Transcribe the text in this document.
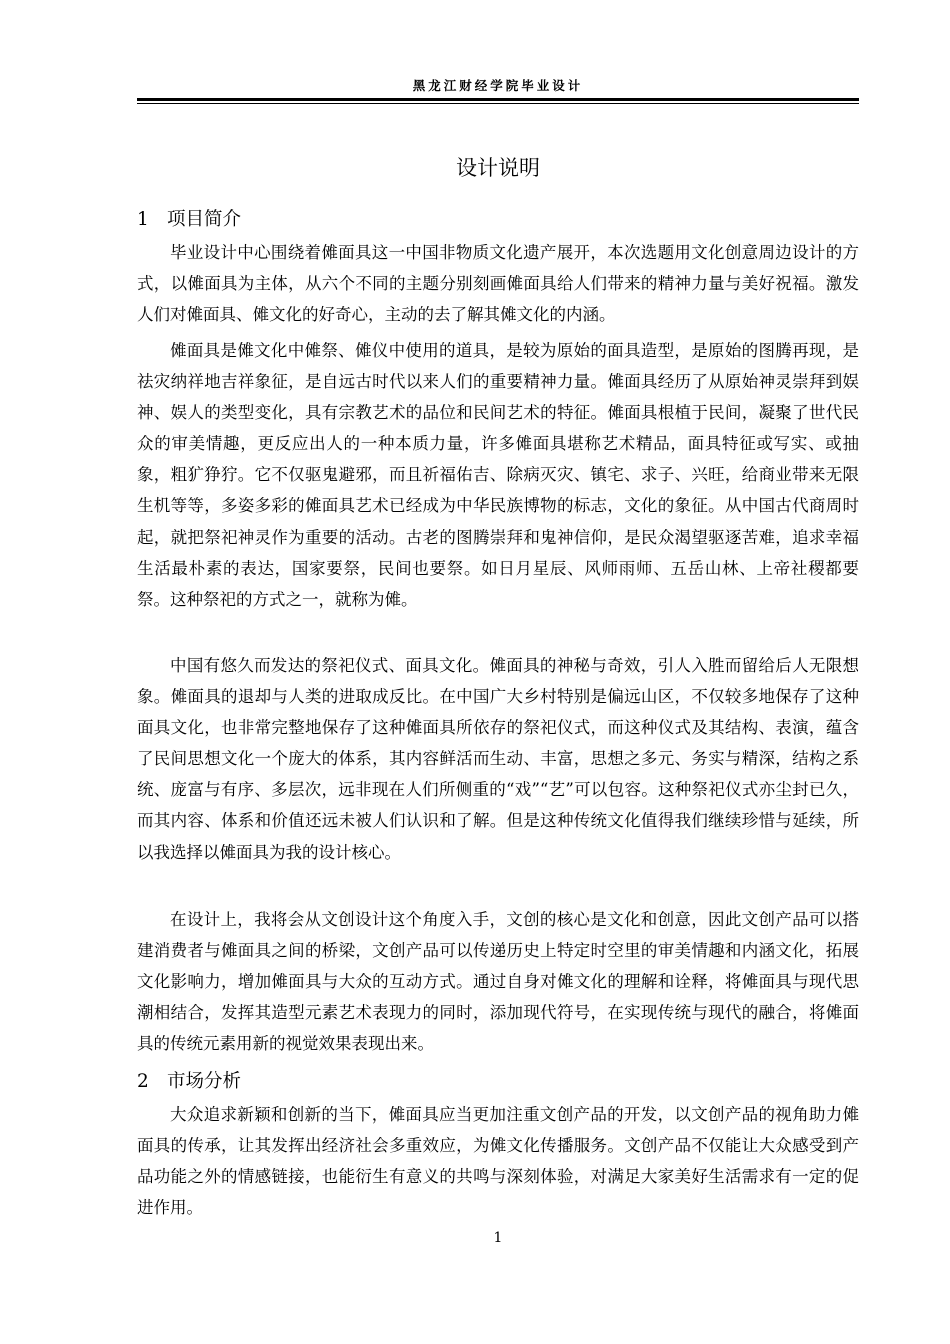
黑龙江财经学院毕业设计
设计说明
1 项目简介

毕业设计中心围绕着傩面具这一中国非物质文化遗产展开，本次选题用文化创意周边设计的方式，以傩面具为主体，从六个不同的主题分别刻画傩面具给人们带来的精神力量与美好祝福。激发人们对傩面具、傩文化的好奇心，主动的去了解其傩文化的内涵。

傩面具是傩文化中傩祭、傩仪中使用的道具，是较为原始的面具造型，是原始的图腾再现，是祛灾纳祥地吉祥象征，是自远古时代以来人们的重要精神力量。傩面具经历了从原始神灵崇拜到娱神、娱人的类型变化，具有宗教艺术的品位和民间艺术的特征。傩面具根植于民间，凝聚了世代民众的审美情趣，更反应出人的一种本质力量，许多傩面具堪称艺术精品，面具特征或写实、或抽象，粗犷狰狞。它不仅驱鬼避邪，而且祈福佑吉、除病灭灾、镇宅、求子、兴旺，给商业带来无限生机等等，多姿多彩的傩面具艺术已经成为中华民族博物的标志，文化的象征。从中国古代商周时起，就把祭祀神灵作为重要的活动。古老的图腾崇拜和鬼神信仰，是民众渴望驱逐苦难，追求幸福生活最朴素的表达，国家要祭，民间也要祭。如日月星辰、风师雨师、五岳山林、上帝社稷都要祭。这种祭祀的方式之一，就称为傩。

中国有悠久而发达的祭祀仪式、面具文化。傩面具的神秘与奇效，引人入胜而留给后人无限想象。傩面具的退却与人类的进取成反比。在中国广大乡村特别是偏远山区，不仅较多地保存了这种面具文化，也非常完整地保存了这种傩面具所依存的祭祀仪式，而这种仪式及其结构、表演，蕴含了民间思想文化一个庞大的体系，其内容鲜活而生动、丰富，思想之多元、务实与精深，结构之系统、庞富与有序、多层次，远非现在人们所侧重的“戏”“艺”可以包容。这种祭祀仪式亦尘封已久，而其内容、体系和价值还远未被人们认识和了解。但是这种传统文化值得我们继续珍惜与延续，所以我选择以傩面具为我的设计核心。

在设计上，我将会从文创设计这个角度入手，文创的核心是文化和创意，因此文创产品可以搭建消费者与傩面具之间的桥梁，文创产品可以传递历史上特定时空里的审美情趣和内涵文化，拓展文化影响力，增加傩面具与大众的互动方式。通过自身对傩文化的理解和诠释，将傩面具与现代思潮相结合，发挥其造型元素艺术表现力的同时，添加现代符号，在实现传统与现代的融合，将傩面具的传统元素用新的视觉效果表现出来。

2 市场分析

大众追求新颖和创新的当下，傩面具应当更加注重文创产品的开发，以文创产品的视角助力傩面具的传承，让其发挥出经济社会多重效应，为傩文化传播服务。文创产品不仅能让大众感受到产品功能之外的情感链接，也能衍生有意义的共鸣与深刻体验，对满足大家美好生活需求有一定的促进作用。

1
